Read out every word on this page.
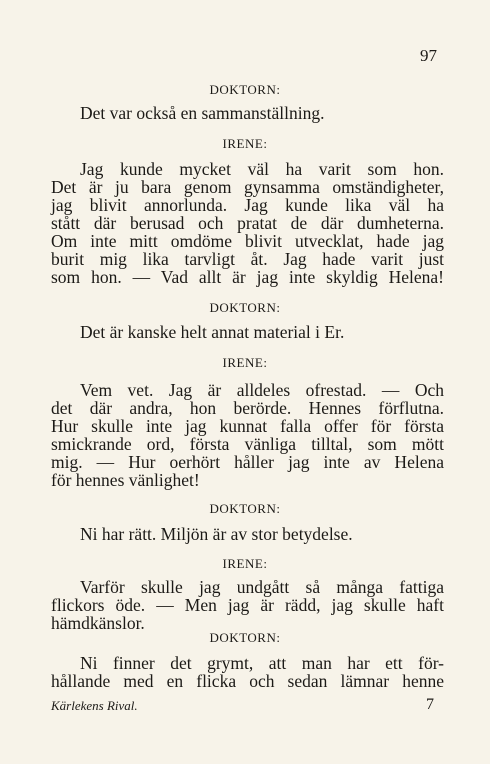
97
DOKTORN:
Det var också en sammanställning.
IRENE:
Jag kunde mycket väl ha varit som hon.
Det är ju bara genom gynsamma omständigheter,
jag blivit annorlunda. Jag kunde lika väl ha
stått där berusad och pratat de där dumheterna.
Om inte mitt omdöme blivit utvecklat, hade jag
burit mig lika tarvligt åt. Jag hade varit just
som hon. — Vad allt är jag inte skyldig Helena!
DOKTORN:
Det är kanske helt annat material i Er.
IRENE:
Vem vet. Jag är alldeles ofrestad. — Och
det där andra, hon berörde. Hennes förflutna.
Hur skulle inte jag kunnat falla offer för första
smickrande ord, första vänliga tilltal, som mött
mig. — Hur oerhört håller jag inte av Helena
för hennes vänlighet!
DOKTORN:
Ni har rätt. Miljön är av stor betydelse.
IRENE:
Varför skulle jag undgått så många fattiga
flickors öde. — Men jag är rädd, jag skulle haft
hämdkänslor.
DOKTORN:
Ni finner det grymt, att man har ett för-
hållande med en flicka och sedan lämnar henne
Kärlekens Rival.	7
